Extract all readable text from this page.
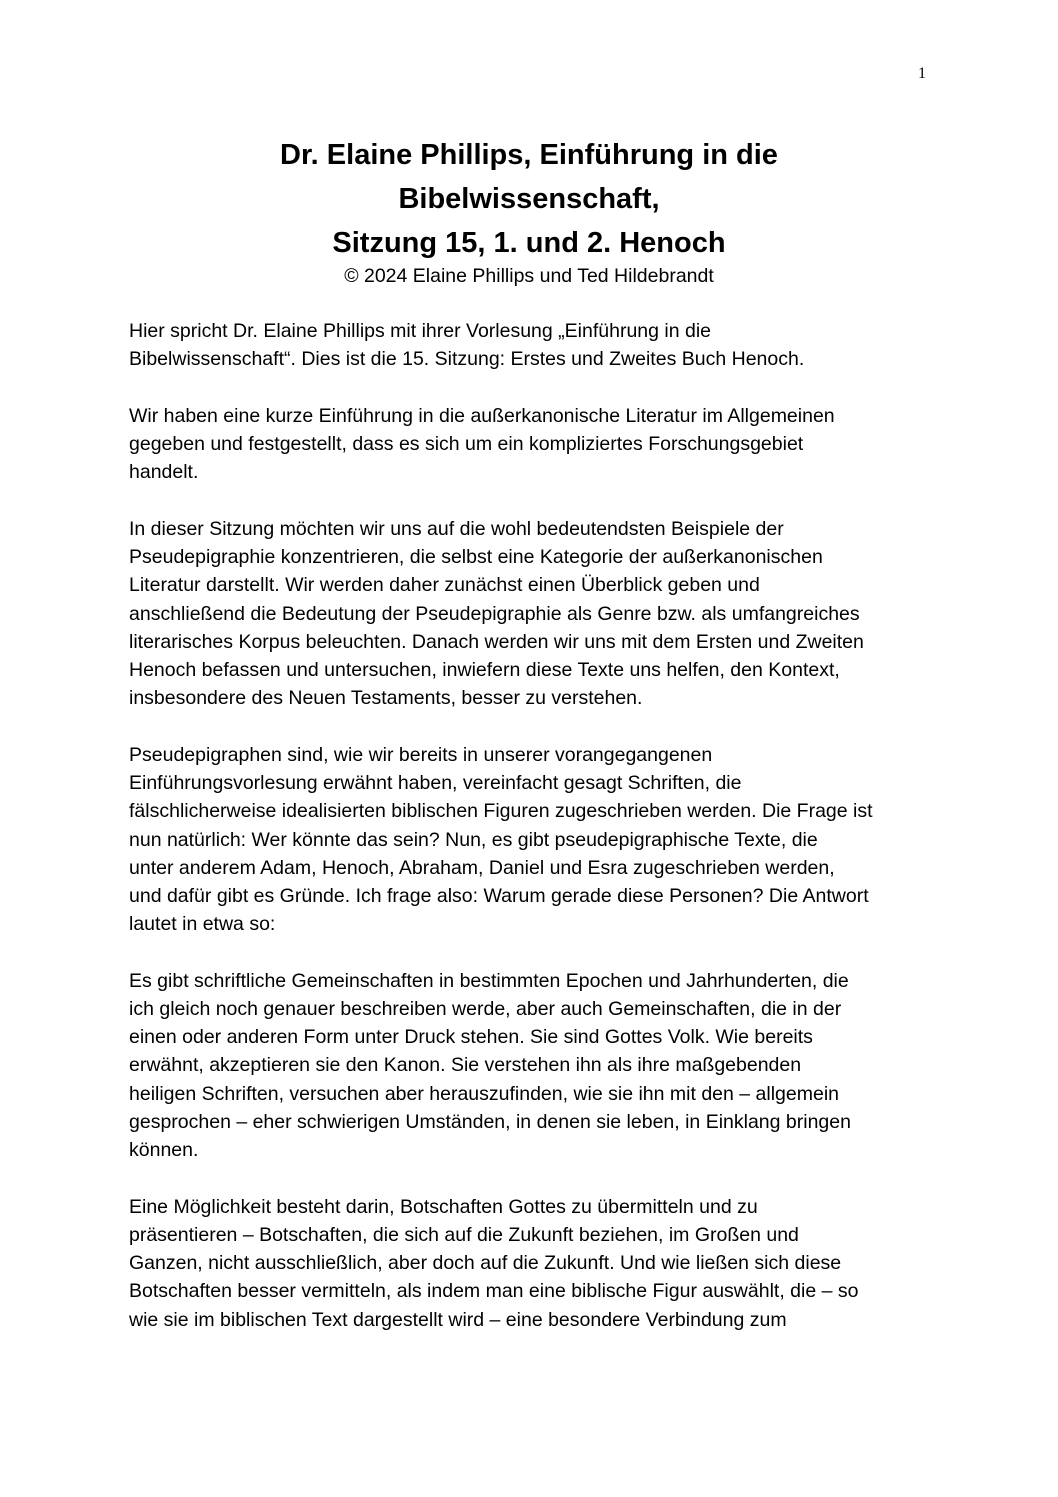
1
Dr. Elaine Phillips, Einführung in die
Bibelwissenschaft,
Sitzung 15, 1. und 2. Henoch
© 2024 Elaine Phillips und Ted Hildebrandt

Hier spricht Dr. Elaine Phillips mit ihrer Vorlesung „Einführung in die
Bibelwissenschaft“. Dies ist die 15. Sitzung: Erstes und Zweites Buch Henoch.

Wir haben eine kurze Einführung in die außerkanonische Literatur im Allgemeinen
gegeben und festgestellt, dass es sich um ein kompliziertes Forschungsgebiet
handelt.

In dieser Sitzung möchten wir uns auf die wohl bedeutendsten Beispiele der
Pseudepigraphie konzentrieren, die selbst eine Kategorie der außerkanonischen
Literatur darstellt. Wir werden daher zunächst einen Überblick geben und
anschließend die Bedeutung der Pseudepigraphie als Genre bzw. als umfangreiches
literarisches Korpus beleuchten. Danach werden wir uns mit dem Ersten und Zweiten
Henoch befassen und untersuchen, inwiefern diese Texte uns helfen, den Kontext,
insbesondere des Neuen Testaments, besser zu verstehen.

Pseudepigraphen sind, wie wir bereits in unserer vorangegangenen
Einführungsvorlesung erwähnt haben, vereinfacht gesagt Schriften, die
fälschlicherweise idealisierten biblischen Figuren zugeschrieben werden. Die Frage ist
nun natürlich: Wer könnte das sein? Nun, es gibt pseudepigraphische Texte, die
unter anderem Adam, Henoch, Abraham, Daniel und Esra zugeschrieben werden,
und dafür gibt es Gründe. Ich frage also: Warum gerade diese Personen? Die Antwort
lautet in etwa so:

Es gibt schriftliche Gemeinschaften in bestimmten Epochen und Jahrhunderten, die
ich gleich noch genauer beschreiben werde, aber auch Gemeinschaften, die in der
einen oder anderen Form unter Druck stehen. Sie sind Gottes Volk. Wie bereits
erwähnt, akzeptieren sie den Kanon. Sie verstehen ihn als ihre maßgebenden
heiligen Schriften, versuchen aber herauszufinden, wie sie ihn mit den – allgemein
gesprochen – eher schwierigen Umständen, in denen sie leben, in Einklang bringen
können.

Eine Möglichkeit besteht darin, Botschaften Gottes zu übermitteln und zu
präsentieren – Botschaften, die sich auf die Zukunft beziehen, im Großen und
Ganzen, nicht ausschließlich, aber doch auf die Zukunft. Und wie ließen sich diese
Botschaften besser vermitteln, als indem man eine biblische Figur auswählt, die – so
wie sie im biblischen Text dargestellt wird – eine besondere Verbindung zum
